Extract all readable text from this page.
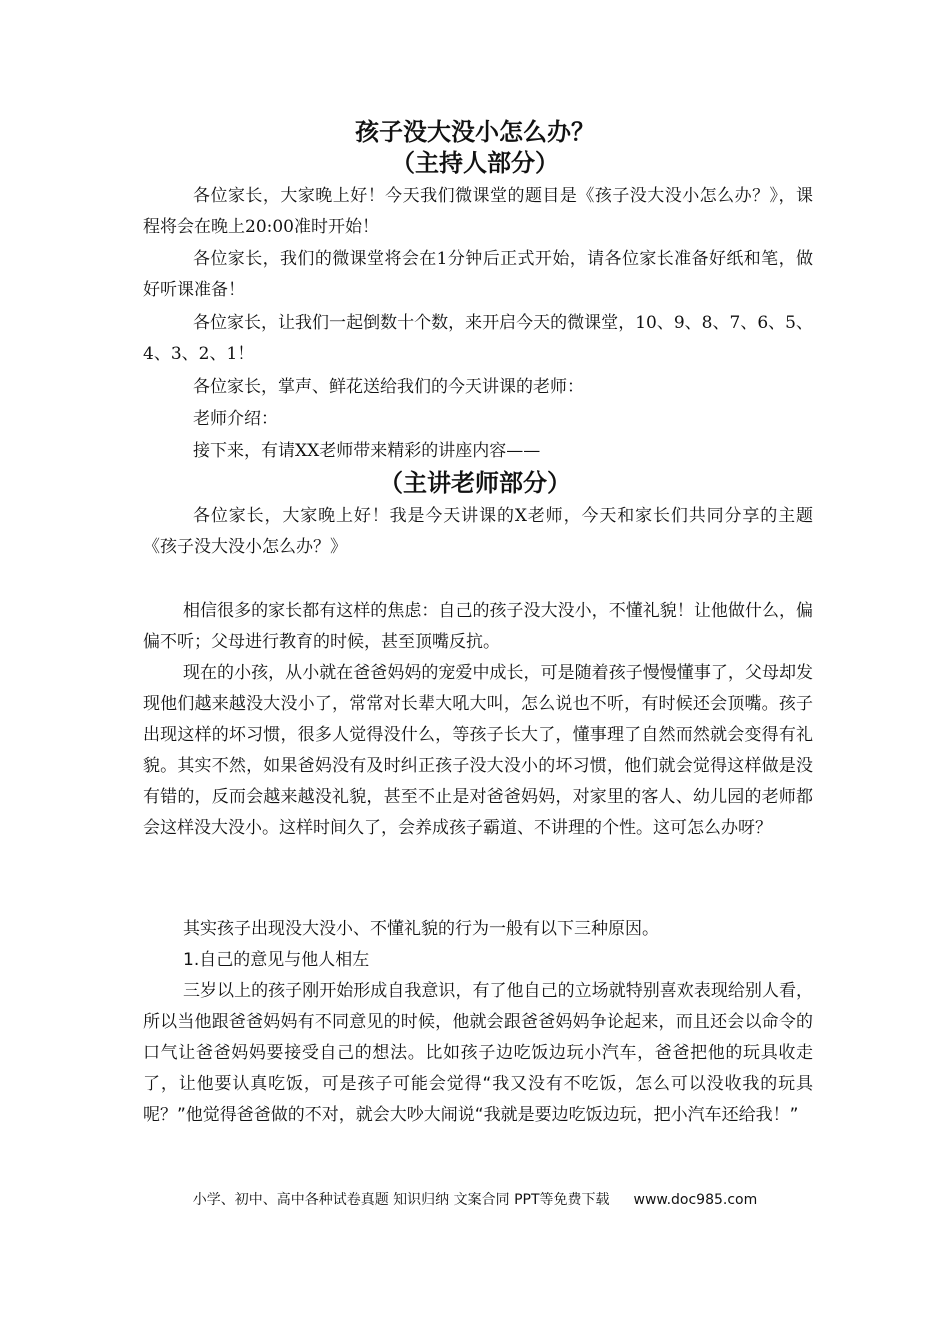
孩子没大没小怎么办？
（主持人部分）

各位家长，大家晚上好！今天我们微课堂的题目是《孩子没大没小怎么办？》，课程将会在晚上20:00准时开始！

各位家长，我们的微课堂将会在1分钟后正式开始，请各位家长准备好纸和笔，做好听课准备！

各位家长，让我们一起倒数十个数，来开启今天的微课堂，10、9、8、7、6、5、4、3、2、1！

各位家长，掌声、鲜花送给我们的今天讲课的老师：

老师介绍：

接下来，有请XX老师带来精彩的讲座内容——

（主讲老师部分）

各位家长，大家晚上好！我是今天讲课的X老师，今天和家长们共同分享的主题《孩子没大没小怎么办？》

相信很多的家长都有这样的焦虑：自己的孩子没大没小，不懂礼貌！让他做什么，偏偏不听；父母进行教育的时候，甚至顶嘴反抗。

现在的小孩，从小就在爸爸妈妈的宠爱中成长，可是随着孩子慢慢懂事了，父母却发现他们越来越没大没小了，常常对长辈大吼大叫，怎么说也不听，有时候还会顶嘴。孩子出现这样的坏习惯，很多人觉得没什么，等孩子长大了，懂事理了自然而然就会变得有礼貌。其实不然，如果爸妈没有及时纠正孩子没大没小的坏习惯，他们就会觉得这样做是没有错的，反而会越来越没礼貌，甚至不止是对爸爸妈妈，对家里的客人、幼儿园的老师都会这样没大没小。这样时间久了，会养成孩子霸道、不讲理的个性。这可怎么办呀？

其实孩子出现没大没小、不懂礼貌的行为一般有以下三种原因。

1.自己的意见与他人相左

三岁以上的孩子刚开始形成自我意识，有了他自己的立场就特别喜欢表现给别人看，所以当他跟爸爸妈妈有不同意见的时候，他就会跟爸爸妈妈争论起来，而且还会以命令的口气让爸爸妈妈要接受自己的想法。比如孩子边吃饭边玩小汽车，爸爸把他的玩具收走了，让他要认真吃饭，可是孩子可能会觉得“我又没有不吃饭，怎么可以没收我的玩具呢？”他觉得爸爸做的不对，就会大吵大闹说“我就是要边吃饭边玩，把小汽车还给我！”

小学、初中、高中各种试卷真题 知识归纳 文案合同 PPT等免费下载 www.doc985.com
